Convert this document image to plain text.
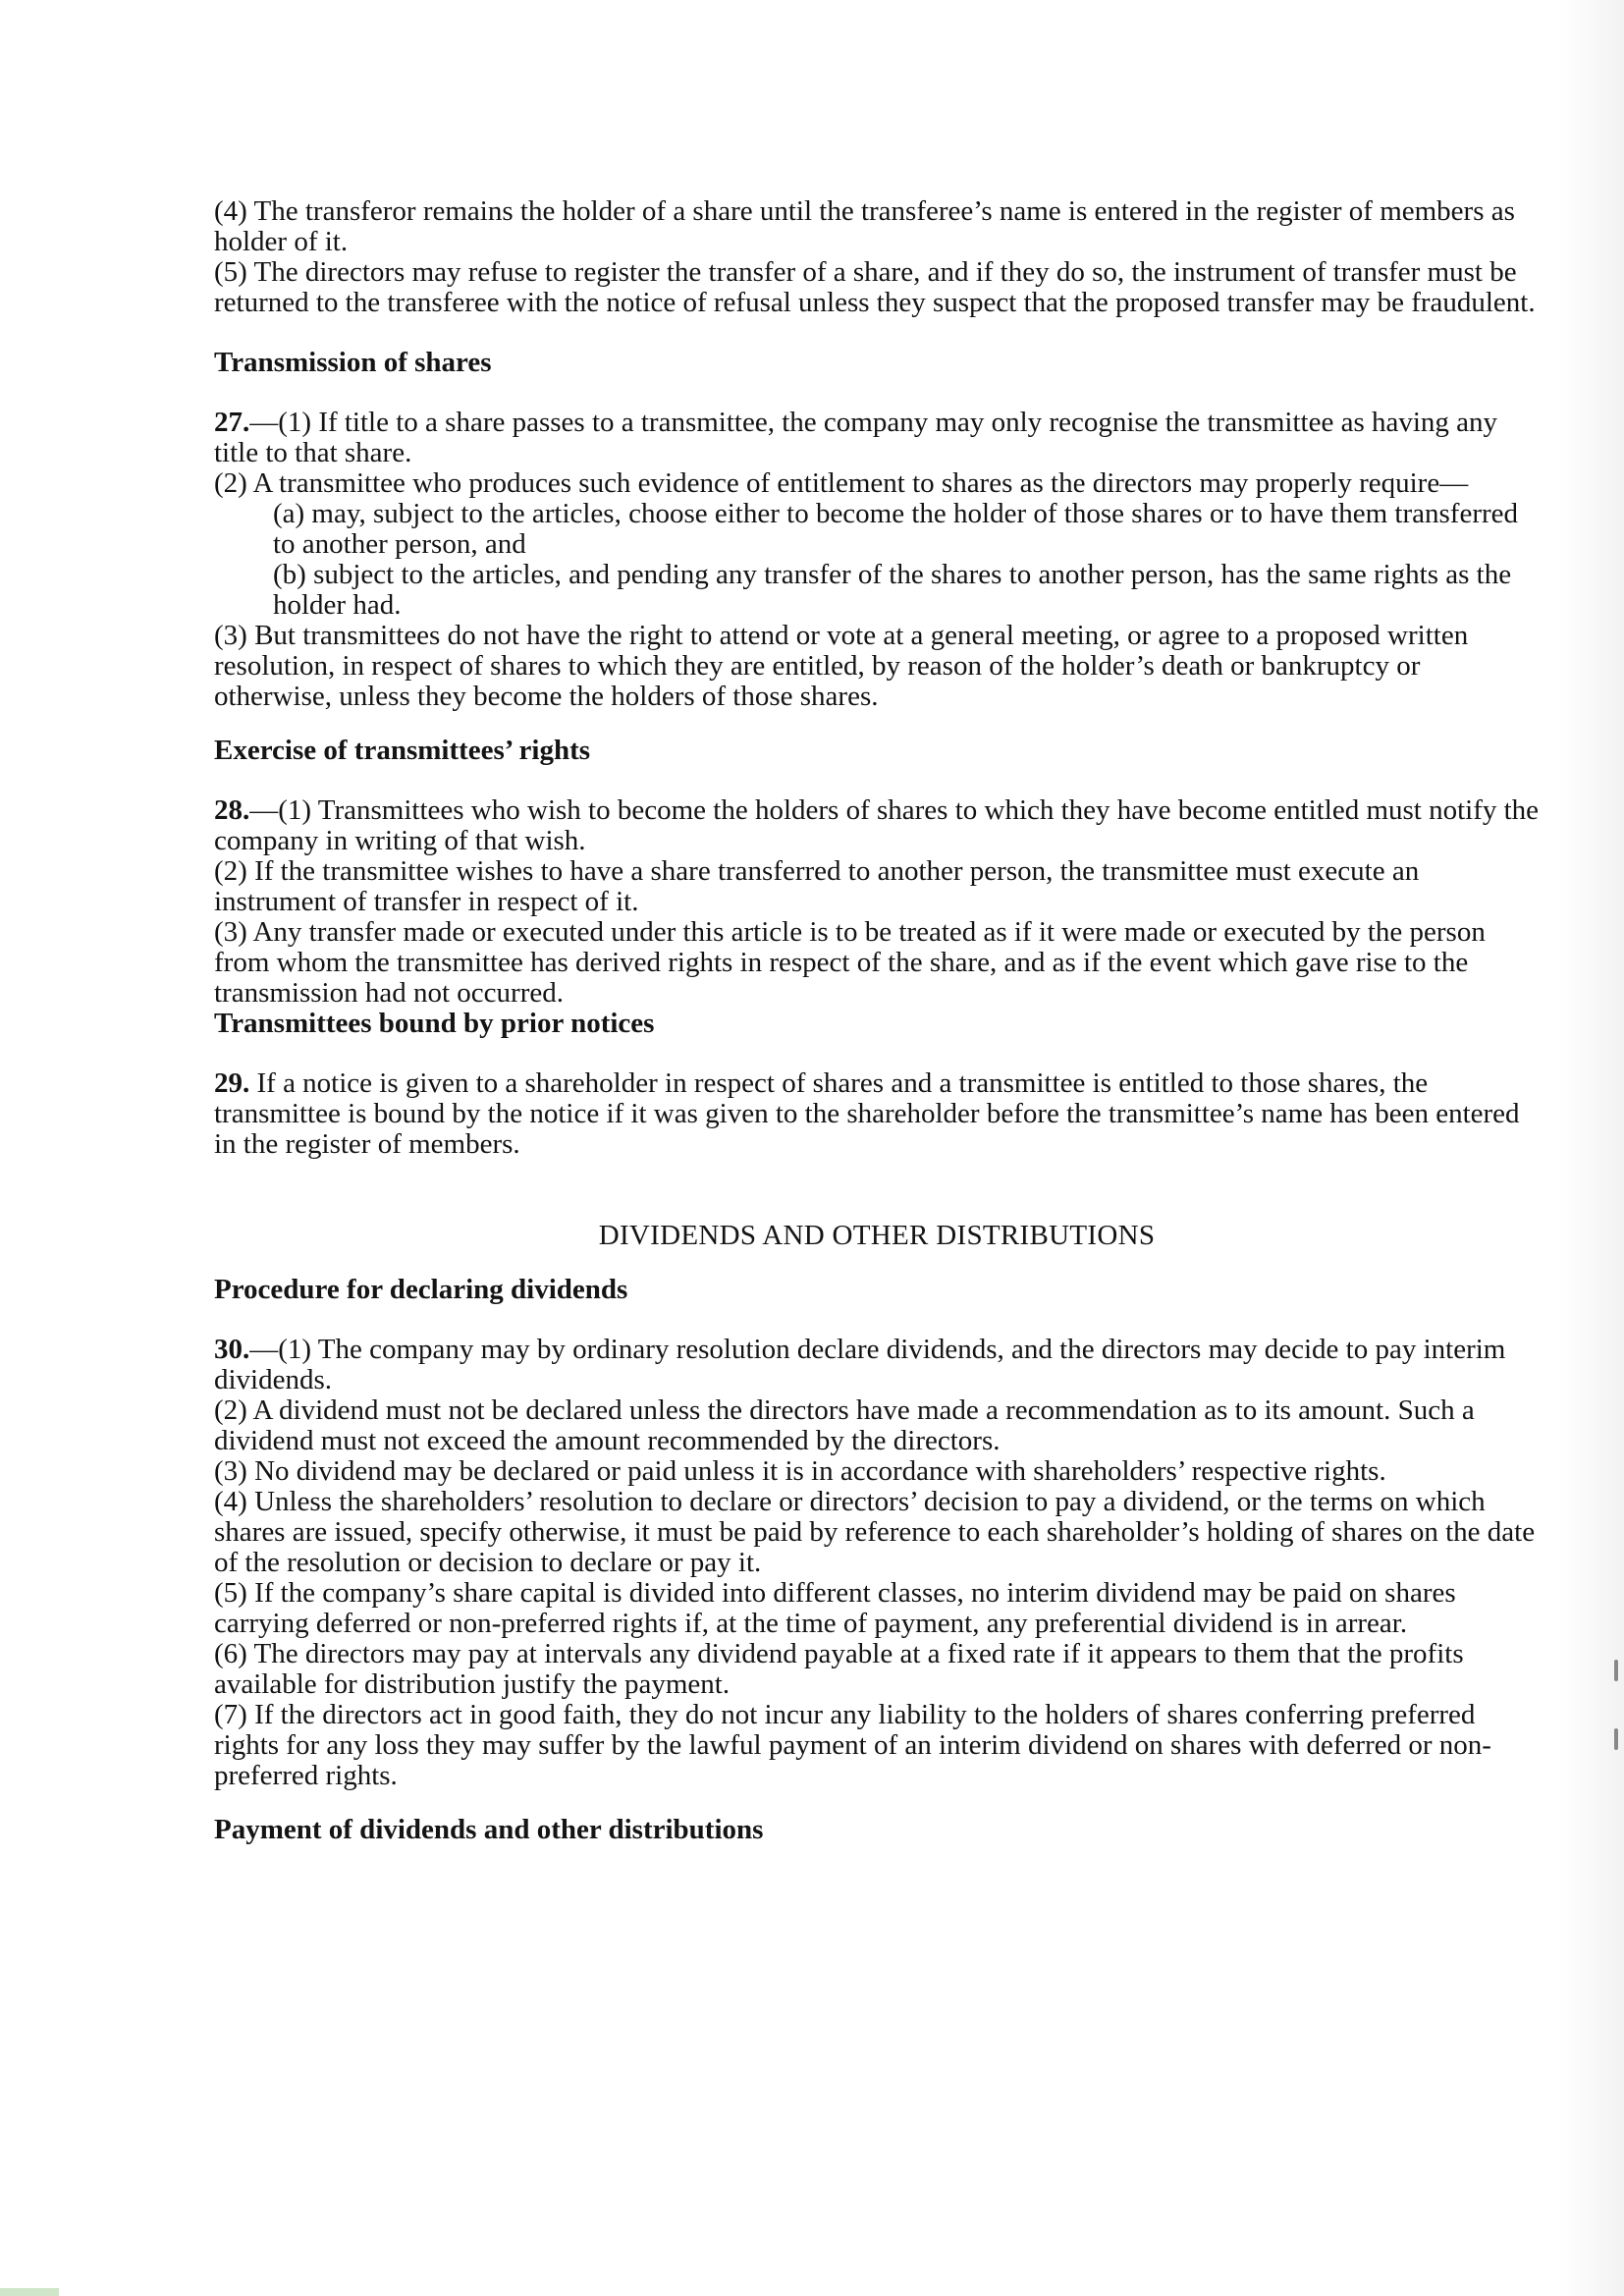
(4) The transferor remains the holder of a share until the transferee’s name is entered in the register of members as holder of it.

(5) The directors may refuse to register the transfer of a share, and if they do so, the instrument of transfer must be returned to the transferee with the notice of refusal unless they suspect that the proposed transfer may be fraudulent.

Transmission of shares

27.—(1) If title to a share passes to a transmittee, the company may only recognise the transmittee as having any title to that share.

(2) A transmittee who produces such evidence of entitlement to shares as the directors may properly require—

(a) may, subject to the articles, choose either to become the holder of those shares or to have them transferred to another person, and

(b) subject to the articles, and pending any transfer of the shares to another person, has the same rights as the holder had.

(3) But transmittees do not have the right to attend or vote at a general meeting, or agree to a proposed written resolution, in respect of shares to which they are entitled, by reason of the holder’s death or bankruptcy or otherwise, unless they become the holders of those shares.

Exercise of transmittees’ rights

28.—(1) Transmittees who wish to become the holders of shares to which they have become entitled must notify the company in writing of that wish.

(2) If the transmittee wishes to have a share transferred to another person, the transmittee must execute an instrument of transfer in respect of it.

(3) Any transfer made or executed under this article is to be treated as if it were made or executed by the person from whom the transmittee has derived rights in respect of the share, and as if the event which gave rise to the transmission had not occurred.

Transmittees bound by prior notices

29. If a notice is given to a shareholder in respect of shares and a transmittee is entitled to those shares, the transmittee is bound by the notice if it was given to the shareholder before the transmittee’s name has been entered in the register of members.

DIVIDENDS AND OTHER DISTRIBUTIONS

Procedure for declaring dividends

30.—(1) The company may by ordinary resolution declare dividends, and the directors may decide to pay interim dividends.

(2) A dividend must not be declared unless the directors have made a recommendation as to its amount. Such a dividend must not exceed the amount recommended by the directors.

(3) No dividend may be declared or paid unless it is in accordance with shareholders’ respective rights.

(4) Unless the shareholders’ resolution to declare or directors’ decision to pay a dividend, or the terms on which shares are issued, specify otherwise, it must be paid by reference to each shareholder’s holding of shares on the date of the resolution or decision to declare or pay it.

(5) If the company’s share capital is divided into different classes, no interim dividend may be paid on shares carrying deferred or non-preferred rights if, at the time of payment, any preferential dividend is in arrear.

(6) The directors may pay at intervals any dividend payable at a fixed rate if it appears to them that the profits available for distribution justify the payment.

(7) If the directors act in good faith, they do not incur any liability to the holders of shares conferring preferred rights for any loss they may suffer by the lawful payment of an interim dividend on shares with deferred or non-preferred rights.

Payment of dividends and other distributions
